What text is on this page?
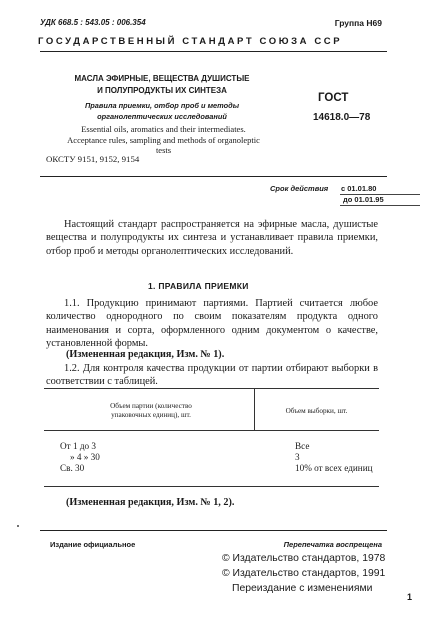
УДК 668.5 : 543.05 : 006.354	Группа Н69
ГОСУДАРСТВЕННЫЙ СТАНДАРТ СОЮЗА ССР
МАСЛА ЭФИРНЫЕ, ВЕЩЕСТВА ДУШИСТЫЕ
И ПОЛУПРОДУКТЫ ИХ СИНТЕЗА
Правила приемки, отбор проб и методы
органолептических исследований
ГОСТ
14618.0—78
Essential oils, aromatics and their intermediates.
Acceptance rules, sampling and methods of organoleptic
tests
ОКСТУ 9151, 9152, 9154
Срок действия с 01.01.80
до 01.01.95
Настоящий стандарт распространяется на эфирные масла, душистые вещества и полупродукты их синтеза и устанавливает правила приемки, отбор проб и методы органолептических исследований.
1. ПРАВИЛА ПРИЕМКИ
1.1. Продукцию принимают партиями. Партией считается любое количество однородного по своим показателям продукта одного наименования и сорта, оформленного одним документом о качестве, установленной формы.
(Измененная редакция, Изм. № 1).
1.2. Для контроля качества продукции от партии отбирают выборки в соответствии с таблицей.
Объем партии (количество
упаковочных единиц), шт.	Объем выборки, шт.
От 1 до 3	Все
» 4 » 30	3
Св. 30	10% от всех единиц
(Измененная редакция, Изм. № 1, 2).
Издание официальное	Перепечатка воспрещена
© Издательство стандартов, 1978
© Издательство стандартов, 1991
Переиздание с изменениями
1
